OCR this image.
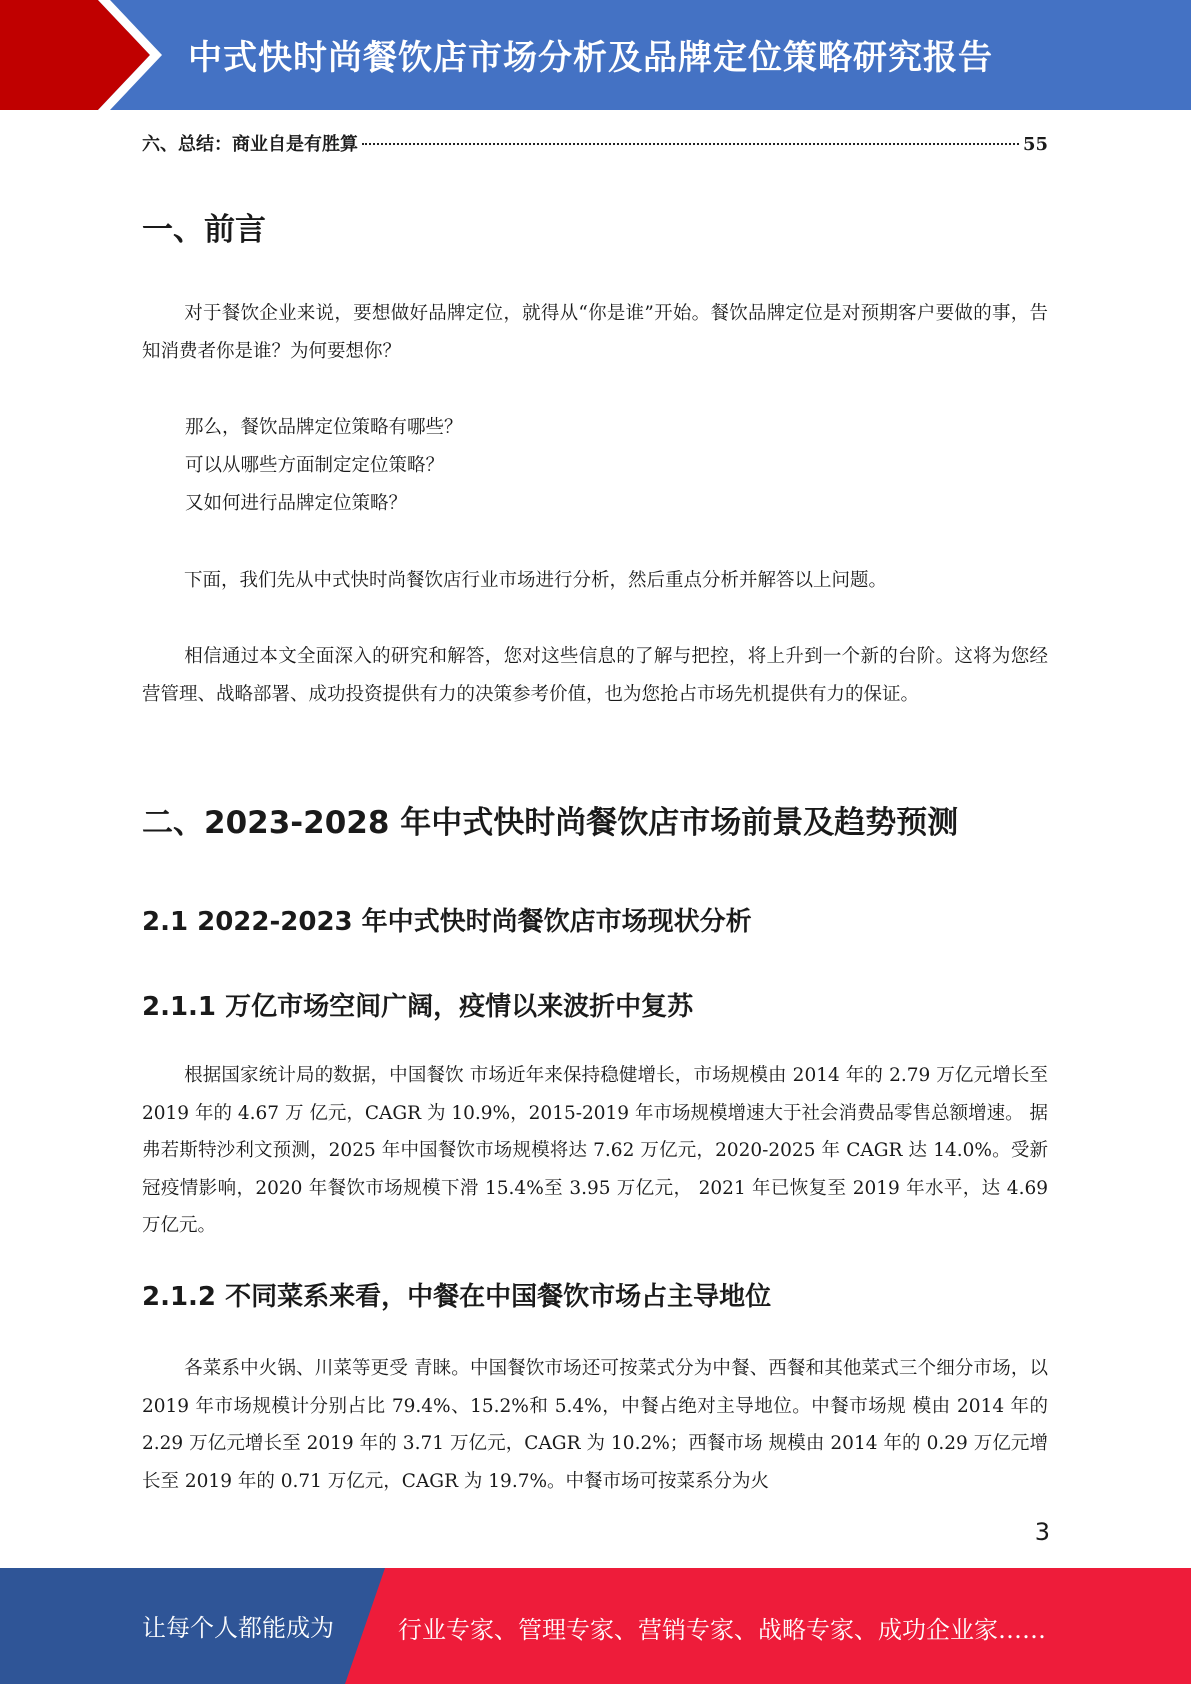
中式快时尚餐饮店市场分析及品牌定位策略研究报告
六、总结：商业自是有胜算	55
一、前言
对于餐饮企业来说，要想做好品牌定位，就得从“你是谁”开始。餐饮品牌定位是对预期客户要做的事，告知消费者你是谁？为何要想你？
那么，餐饮品牌定位策略有哪些？
可以从哪些方面制定定位策略？
又如何进行品牌定位策略？
下面，我们先从中式快时尚餐饮店行业市场进行分析，然后重点分析并解答以上问题。
相信通过本文全面深入的研究和解答，您对这些信息的了解与把控，将上升到一个新的台阶。这将为您经营管理、战略部署、成功投资提供有力的决策参考价值，也为您抢占市场先机提供有力的保证。
二、2023-2028 年中式快时尚餐饮店市场前景及趋势预测
2.1 2022-2023 年中式快时尚餐饮店市场现状分析
2.1.1 万亿市场空间广阔，疫情以来波折中复苏
根据国家统计局的数据，中国餐饮 市场近年来保持稳健增长，市场规模由 2014 年的 2.79 万亿元增长至 2019 年的 4.67 万 亿元，CAGR 为 10.9%，2015-2019 年市场规模增速大于社会消费品零售总额增速。 据弗若斯特沙利文预测，2025 年中国餐饮市场规模将达 7.62 万亿元，2020-2025 年 CAGR 达 14.0%。受新冠疫情影响，2020 年餐饮市场规模下滑 15.4%至 3.95 万亿元， 2021 年已恢复至 2019 年水平，达 4.69 万亿元。
2.1.2 不同菜系来看，中餐在中国餐饮市场占主导地位
各菜系中火锅、川菜等更受 青睐。中国餐饮市场还可按菜式分为中餐、西餐和其他菜式三个细分市场，以 2019 年市场规模计分别占比 79.4%、15.2%和 5.4%，中餐占绝对主导地位。中餐市场规 模由 2014 年的 2.29 万亿元增长至 2019 年的 3.71 万亿元，CAGR 为 10.2%；西餐市场 规模由 2014 年的 0.29 万亿元增长至 2019 年的 0.71 万亿元，CAGR 为 19.7%。中餐市场可按菜系分为火
3
让每个人都能成为	行业专家、管理专家、营销专家、战略专家、成功企业家……
